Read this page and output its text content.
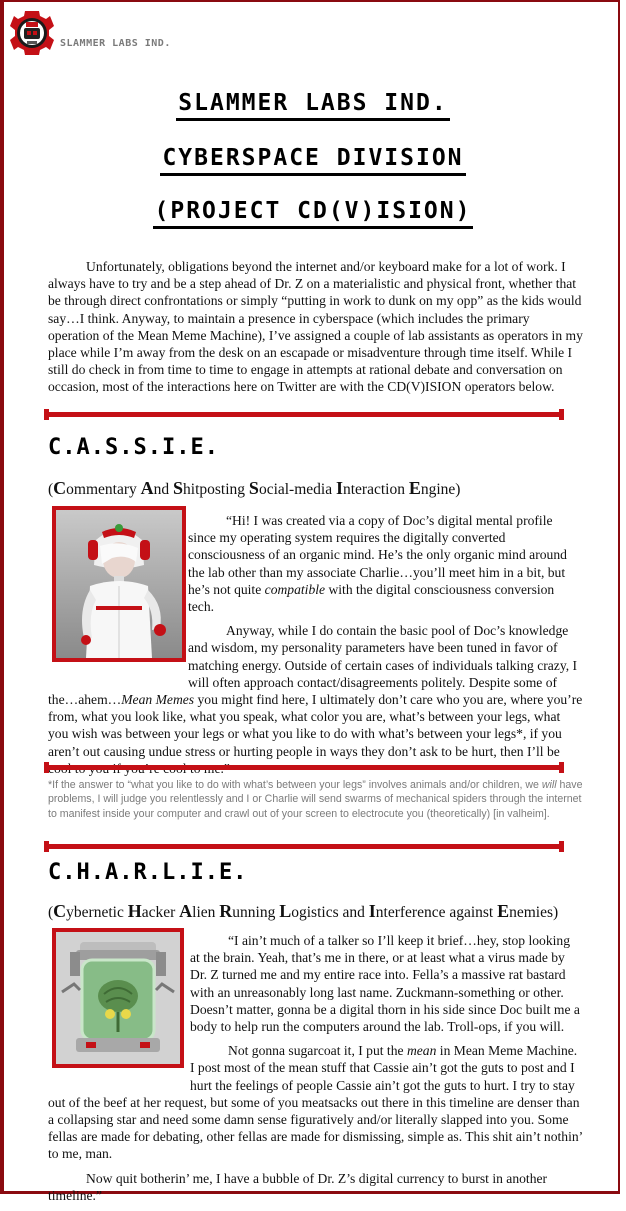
SLAMMER LABS IND.
SLAMMER LABS IND.
CYBERSPACE DIVISION
(PROJECT CD(V)ISION)
Unfortunately, obligations beyond the internet and/or keyboard make for a lot of work. I always have to try and be a step ahead of Dr. Z on a materialistic and physical front, whether that be through direct confrontations or simply “putting in work to dunk on my opp” as the kids would say…I think. Anyway, to maintain a presence in cyberspace (which includes the primary operation of the Mean Meme Machine), I’ve assigned a couple of lab assistants as operators in my place while I’m away from the desk on an escapade or misadventure through time itself. While I still do check in from time to time to engage in attempts at rational debate and conversation on occasion, most of the interactions here on Twitter are with the CD(V)ISION operators below.
C.A.S.S.I.E.
(Commentary And Shitposting Social-media Interaction Engine)

“Hi! I was created via a copy of Doc’s digital mental profile since my operating system requires the digitally converted consciousness of an organic mind. He’s the only organic mind around the lab other than my associate Charlie…you’ll meet him in a bit, but he’s not quite compatible with the digital consciousness conversion tech.

Anyway, while I do contain the basic pool of Doc’s knowledge and wisdom, my personality parameters have been tuned in favor of matching energy. Outside of certain cases of individuals talking crazy, I will often approach contact/disagreements politely. Despite some of the…ahem…Mean Memes you might find here, I ultimately don’t care who you are, where you’re from, what you look like, what you speak, what color you are, what’s between your legs, what you wish was between your legs or what you like to do with what’s between your legs*, if you aren’t out causing undue stress or hurting people in ways they don’t ask to be hurt, then I’ll be

*If the answer to “what you like to do with what’s between your legs” involves animals and/or children, we will have problems, I will judge you relentlessly and I or Charlie will send swarms of mechanical spiders through the internet to manifest inside your computer and crawl out of your screen to electrocute you (theoretically) [in valheim].
C.H.A.R.L.I.E.
(Cybernetic Hacker Alien Running Logistics and Interference against Enemies)

“I ain’t much of a talker so I’ll keep it brief…hey, stop looking at the brain. Yeah, that’s me in there, or at least what a virus made by Dr. Z turned me and my entire race into. Fella’s a massive rat bastard with an unreasonably long last name. Zuckmann-something or other. Doesn’t matter, gonna be a digital thorn in his side since Doc built me a body to help run the computers around the lab. Troll-ops, if you will.

Not gonna sugarcoat it, I put the mean in Mean Meme Machine. I post most of the mean stuff that Cassie ain’t got the guts to post and I hurt the feelings of people Cassie ain’t got the guts to hurt. I try to stay out of the beef at her request, but some of you meatsacks out there in this timeline are denser than a collapsing star and need some damn sense figuratively and/or literally slapped into you. Some fellas are made for debating, other fellas are made for dismissing, simple as. This shit ain’t nothin’ to me, man.

Now quit botherin’ me, I have a bubble of Dr. Z’s digital currency to burst in another timeline.”
